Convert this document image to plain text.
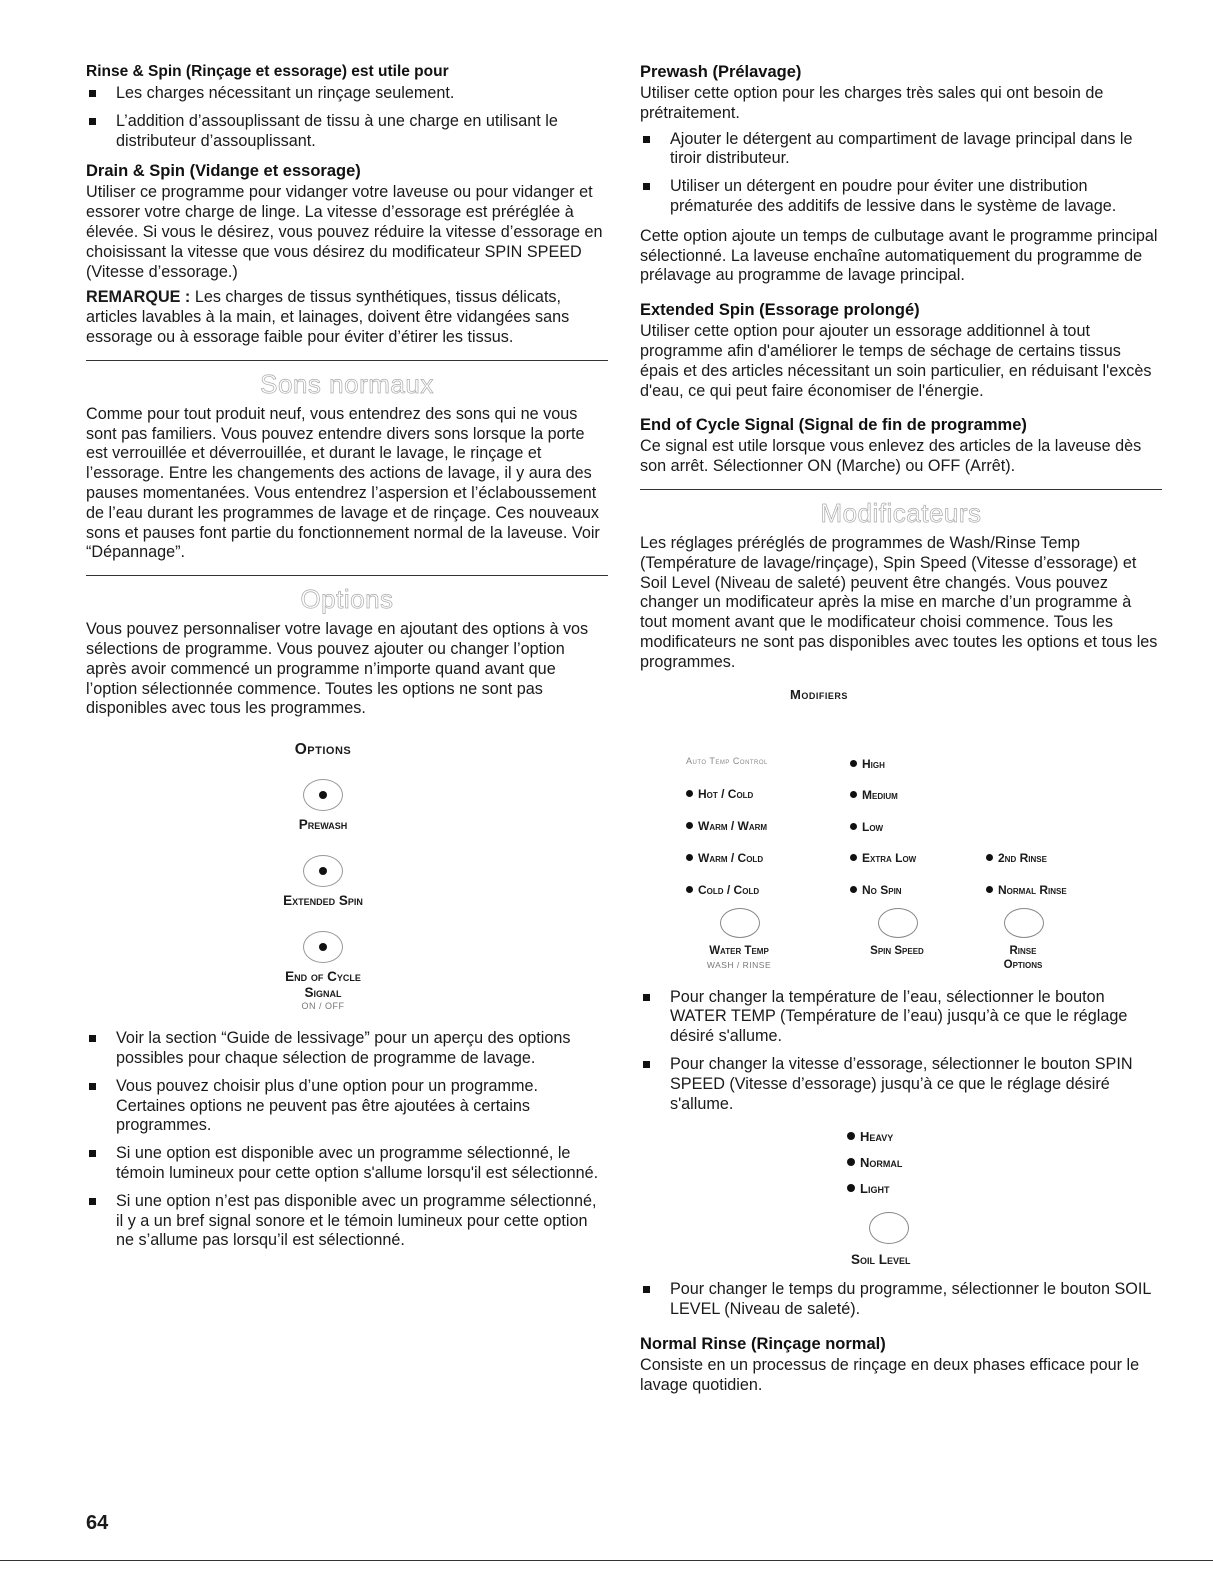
Rinse & Spin (Rinçage et essorage) est utile pour
Les charges nécessitant un rinçage seulement.
L’addition d’assouplissant de tissu à une charge en utilisant le distributeur d’assouplissant.
Drain & Spin (Vidange et essorage)

Utiliser ce programme pour vidanger votre laveuse ou pour vidanger et essorer votre charge de linge. La vitesse d’essorage est préréglée à élevée. Si vous le désirez, vous pouvez réduire la vitesse d’essorage en choisissant la vitesse que vous désirez du modificateur SPIN SPEED (Vitesse d’essorage.)

REMARQUE : Les charges de tissus synthétiques, tissus délicats, articles lavables à la main, et lainages, doivent être vidangées sans essorage ou à essorage faible pour éviter d’étirer les tissus.

Sons normaux

Comme pour tout produit neuf, vous entendrez des sons qui ne vous sont pas familiers. Vous pouvez entendre divers sons lorsque la porte est verrouillée et déverrouillée, et durant le lavage, le rinçage et l’essorage. Entre les changements des actions de lavage, il y aura des pauses momentanées. Vous entendrez l’aspersion et l’éclaboussement de l’eau durant les programmes de lavage et de rinçage. Ces nouveaux sons et pauses font partie du fonctionnement normal de la laveuse. Voir “Dépannage”.

Options

Vous pouvez personnaliser votre lavage en ajoutant des options à vos sélections de programme. Vous pouvez ajouter ou changer l’option après avoir commencé un programme n’importe quand avant que l’option sélectionnée commence. Toutes les options ne sont pas disponibles avec tous les programmes.

Options
Prewash
Extended Spin
End of Cycle
Signal
ON / OFF
Voir la section “Guide de lessivage” pour un aperçu des options possibles pour chaque sélection de programme de lavage.
Vous pouvez choisir plus d’une option pour un programme. Certaines options ne peuvent pas être ajoutées à certains programmes.
Si une option est disponible avec un programme sélectionné, le témoin lumineux pour cette option s'allume lorsqu'il est sélectionné.
Si une option n’est pas disponible avec un programme sélectionné, il y a un bref signal sonore et le témoin lumineux pour cette option ne s’allume pas lorsqu’il est sélectionné.
Prewash (Prélavage)

Utiliser cette option pour les charges très sales qui ont besoin de prétraitement.

Ajouter le détergent au compartiment de lavage principal dans le tiroir distributeur.
Utiliser un détergent en poudre pour éviter une distribution prématurée des additifs de lessive dans le système de lavage.

Cette option ajoute un temps de culbutage avant le programme principal sélectionné. La laveuse enchaîne automatiquement du programme de prélavage au programme de lavage principal.

Extended Spin (Essorage prolongé)

Utiliser cette option pour ajouter un essorage additionnel à tout programme afin d'améliorer le temps de séchage de certains tissus épais et des articles nécessitant un soin particulier, en réduisant l'excès d'eau, ce qui peut faire économiser de l'énergie.

End of Cycle Signal (Signal de fin de programme)

Ce signal est utile lorsque vous enlevez des articles de la laveuse dès son arrêt. Sélectionner ON (Marche) ou OFF (Arrêt).

Modificateurs

Les réglages préréglés de programmes de Wash/Rinse Temp (Température de lavage/rinçage), Spin Speed (Vitesse d’essorage) et Soil Level (Niveau de saleté) peuvent être changés. Vous pouvez changer un modificateur après la mise en marche d’un programme à tout moment avant que le modificateur choisi commence. Tous les modificateurs ne sont pas disponibles avec toutes les options et tous les programmes.

Modifiers
Auto Temp Control
Hot / Cold
Warm / Warm
Warm / Cold
Cold / Cold
High
Medium
Low
Extra Low
No Spin
2nd Rinse
Normal Rinse
Water Temp
WASH / RINSE
Spin Speed	Rinse
Options
Pour changer la température de l’eau, sélectionner le bouton WATER TEMP (Température de l’eau) jusqu’à ce que le réglage désiré s'allume.
Pour changer la vitesse d’essorage, sélectionner le bouton SPIN SPEED (Vitesse d’essorage) jusqu’à ce que le réglage désiré s'allume.
Heavy
Normal
Light
Soil Level
Pour changer le temps du programme, sélectionner le bouton SOIL LEVEL (Niveau de saleté).
Normal Rinse (Rinçage normal)

Consiste en un processus de rinçage en deux phases efficace pour le lavage quotidien.

64
